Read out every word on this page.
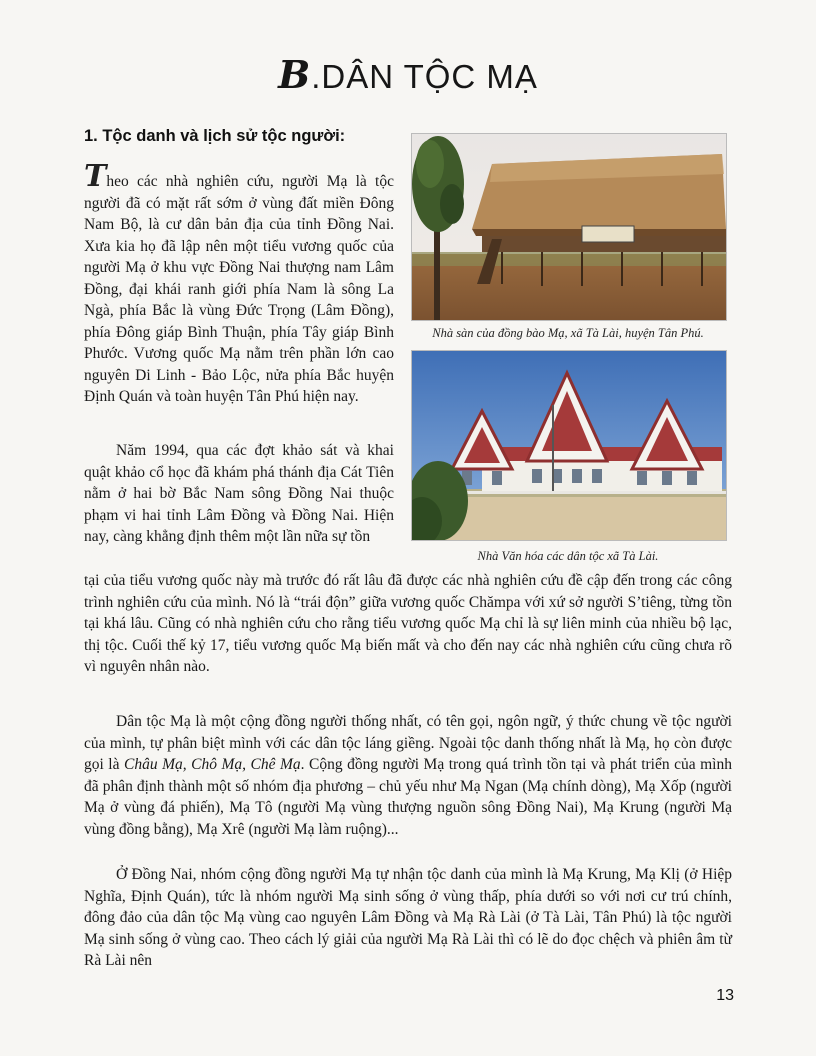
B.DÂN TỘC MẠ
1. Tộc danh và lịch sử tộc người:
Theo các nhà nghiên cứu, người Mạ là tộc người đã có mặt rất sớm ở vùng đất miền Đông Nam Bộ, là cư dân bản địa của tỉnh Đồng Nai. Xưa kia họ đã lập nên một tiểu vương quốc của người Mạ ở khu vực Đồng Nai thượng nam Lâm Đồng, đại khái ranh giới phía Nam là sông La Ngà, phía Bắc là vùng Đức Trọng (Lâm Đồng), phía Đông giáp Bình Thuận, phía Tây giáp Bình Phước. Vương quốc Mạ nằm trên phần lớn cao nguyên Di Linh - Bảo Lộc, nửa phía Bắc huyện Định Quán và toàn huyện Tân Phú hiện nay.
Năm 1994, qua các đợt khảo sát và khai quật khảo cổ học đã khám phá thánh địa Cát Tiên nằm ở hai bờ Bắc Nam sông Đồng Nai thuộc phạm vi hai tỉnh Lâm Đồng và Đồng Nai. Hiện nay, càng khẳng định thêm một lần nữa sự tồn
tại của tiểu vương quốc này mà trước đó rất lâu đã được các nhà nghiên cứu đề cập đến trong các công trình nghiên cứu của mình. Nó là “trái độn” giữa vương quốc Chămpa với xứ sở người S’tiêng, từng tồn tại khá lâu. Cũng có nhà nghiên cứu cho rằng tiểu vương quốc Mạ chỉ là sự liên minh của nhiều bộ lạc, thị tộc. Cuối thế kỷ 17, tiểu vương quốc Mạ biến mất và cho đến nay các nhà nghiên cứu cũng chưa rõ vì nguyên nhân nào.
Dân tộc Mạ là một cộng đồng người thống nhất, có tên gọi, ngôn ngữ, ý thức chung về tộc người của mình, tự phân biệt mình với các dân tộc láng giềng. Ngoài tộc danh thống nhất là Mạ, họ còn được gọi là Châu Mạ, Chô Mạ, Chê Mạ. Cộng đồng người Mạ trong quá trình tồn tại và phát triển của mình đã phân định thành một số nhóm địa phương – chủ yếu như Mạ Ngan (Mạ chính dòng), Mạ Xốp (người Mạ ở vùng đá phiến), Mạ Tô (người Mạ vùng thượng nguồn sông Đồng Nai), Mạ Krung (người Mạ vùng đồng bằng), Mạ Xrê (người Mạ làm ruộng)...
Ở Đồng Nai, nhóm cộng đồng người Mạ tự nhận tộc danh của mình là Mạ Krung, Mạ Klị (ở Hiệp Nghĩa, Định Quán), tức là nhóm người Mạ sinh sống ở vùng thấp, phía dưới so với nơi cư trú chính, đông đảo của dân tộc Mạ vùng cao nguyên Lâm Đồng và Mạ Rà Lài (ở Tà Lài, Tân Phú) là tộc người Mạ sinh sống ở vùng cao. Theo cách lý giải của người Mạ Rà Lài thì có lẽ do đọc chệch và phiên âm từ Rà Lài nên
Nhà sàn của đồng bào Mạ, xã Tà Lài, huyện Tân Phú.
Nhà Văn hóa các dân tộc xã Tà Lài.
13
